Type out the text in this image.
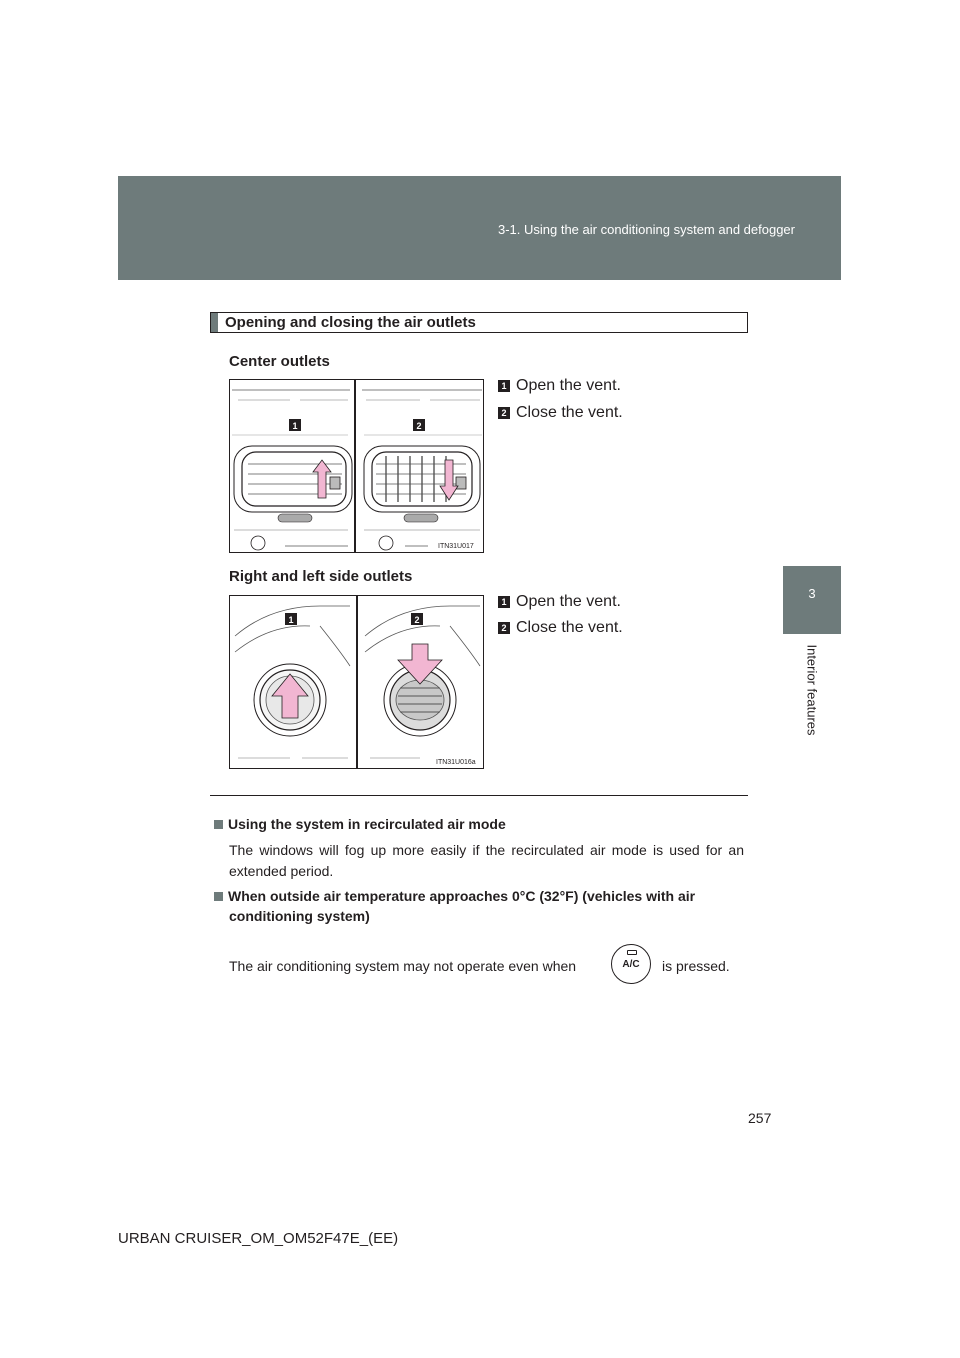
3-1. Using the air conditioning system and defogger
3
Interior features
Opening and closing the air outlets
Center outlets
1	2
ITN31U017
1 Open the vent.
2 Close the vent.
Right and left side outlets
1	2
ITN31U016a
1 Open the vent.
2 Close the vent.
Using the system in recirculated air mode
The windows will fog up more easily if the recirculated air mode is used for an extended period.
When outside air temperature approaches 0°C (32°F) (vehicles with air
conditioning system)
The air conditioning system may not operate even when	A/C	is pressed.
257
URBAN CRUISER_OM_OM52F47E_(EE)
